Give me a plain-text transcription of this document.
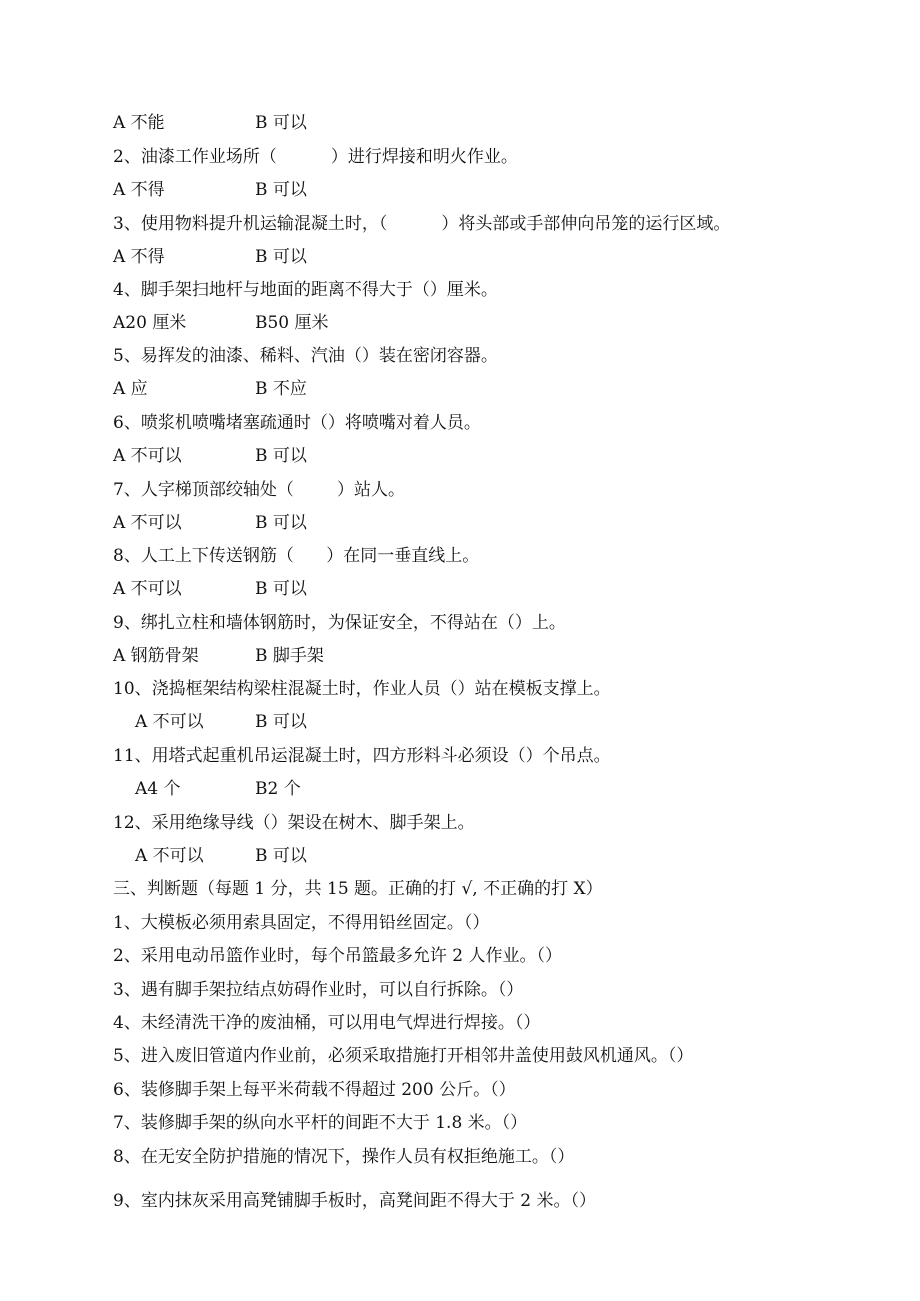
A 不能	B 可以
2、油漆工作业场所（          ）进行焊接和明火作业。
A 不得	B 可以
3、使用物料提升机运输混凝土时，（          ）将头部或手部伸向吊笼的运行区域。
A 不得	B 可以
4、脚手架扫地杆与地面的距离不得大于（）厘米。
A20 厘米	B50 厘米
5、易挥发的油漆、稀料、汽油（）装在密闭容器。
A 应	B 不应
6、喷浆机喷嘴堵塞疏通时（）将喷嘴对着人员。
A 不可以	B 可以
7、人字梯顶部绞轴处（        ）站人。
A 不可以	B 可以
8、人工上下传送钢筋（      ）在同一垂直线上。
A 不可以	B 可以
9、绑扎立柱和墙体钢筋时，为保证安全，不得站在（）上。
A 钢筋骨架	B 脚手架
10、浇捣框架结构梁柱混凝土时，作业人员（）站在模板支撑上。
A 不可以	B 可以
11、用塔式起重机吊运混凝土时，四方形料斗必须设（）个吊点。
A4 个	B2 个
12、采用绝缘导线（）架设在树木、脚手架上。
A 不可以	B 可以
三、判断题（每题 1 分，共 15 题。正确的打 √, 不正确的打 X）
1、大模板必须用索具固定，不得用铅丝固定。（）
2、采用电动吊篮作业时，每个吊篮最多允许 2 人作业。（）
3、遇有脚手架拉结点妨碍作业时，可以自行拆除。（）
4、未经清洗干净的废油桶，可以用电气焊进行焊接。（）
5、进入废旧管道内作业前，必须采取措施打开相邻井盖使用鼓风机通风。（）
6、装修脚手架上每平米荷载不得超过 200 公斤。（）
7、装修脚手架的纵向水平杆的间距不大于 1.8 米。（）
8、在无安全防护措施的情况下，操作人员有权拒绝施工。（）
9、室内抹灰采用高凳铺脚手板时，高凳间距不得大于 2 米。（）
